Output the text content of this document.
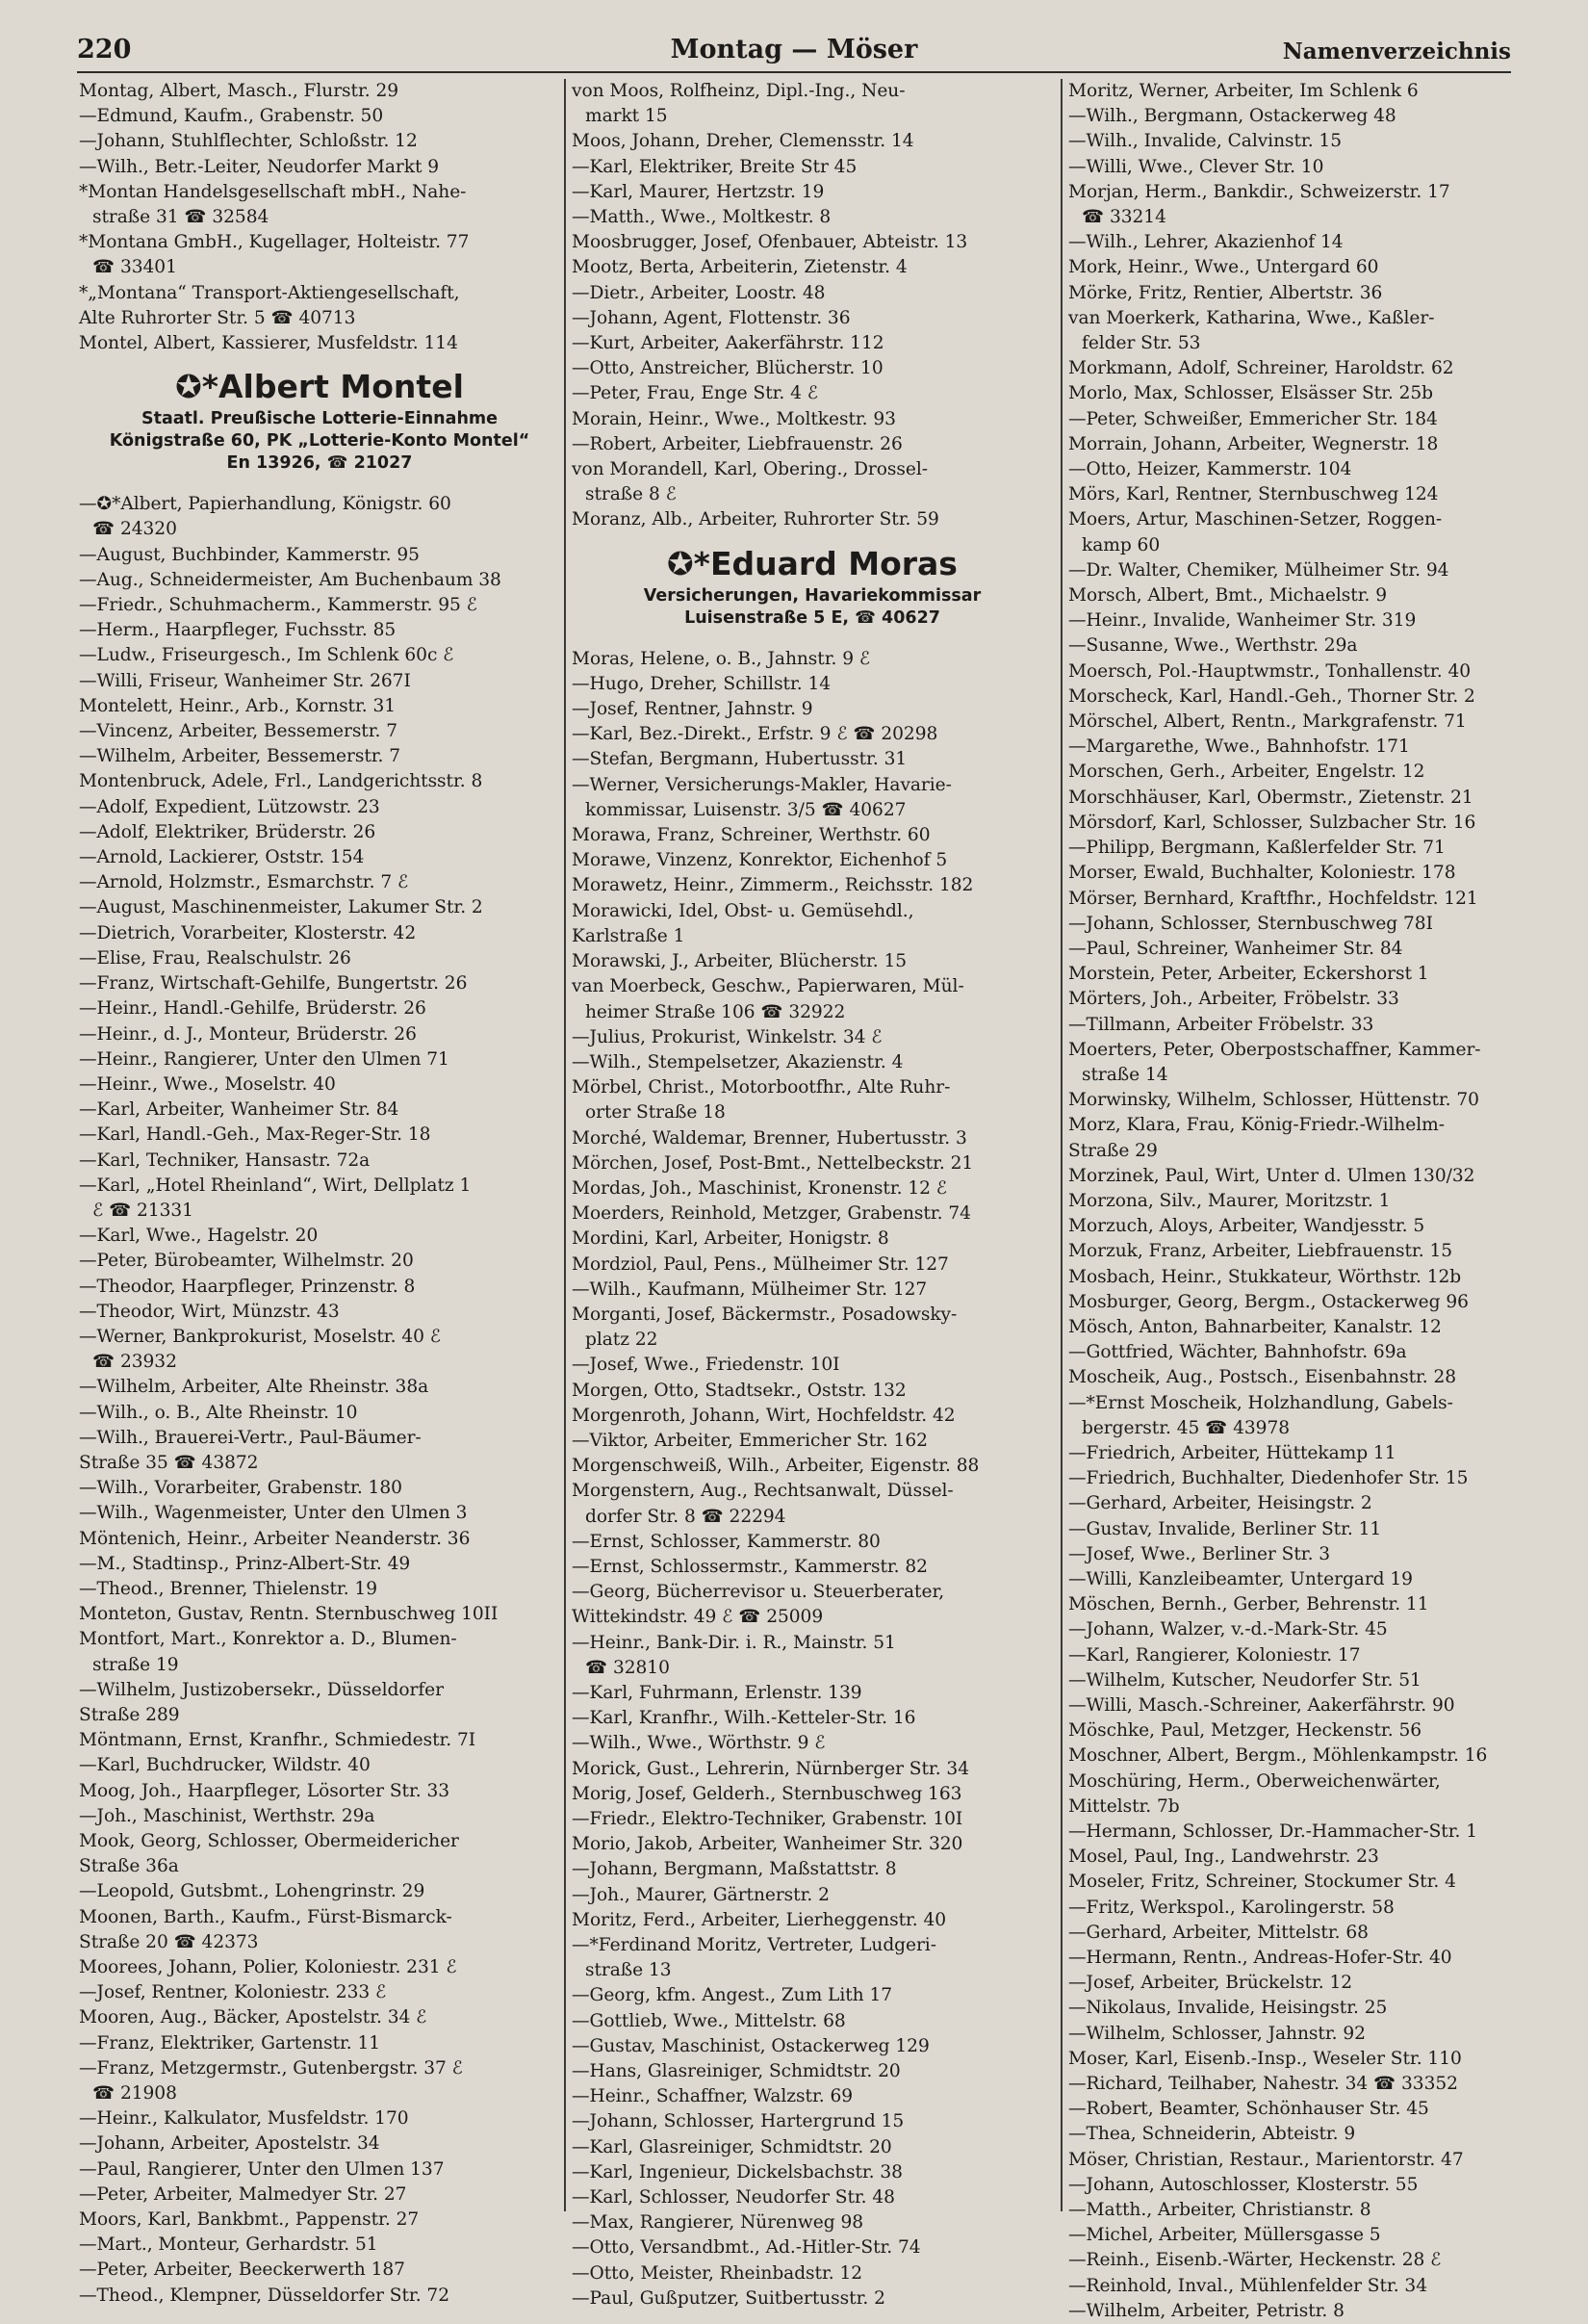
220	Montag — Möser	Namenverzeichnis
Montag, Albert, Masch., Flurstr. 29
—Edmund, Kaufm., Grabenstr. 50
—Johann, Stuhlflechter, Schloßstr. 12
—Wilh., Betr.-Leiter, Neudorfer Markt 9
*Montan Handelsgesellschaft mbH., Nahe-
straße 31 ☎ 32584
*Montana GmbH., Kugellager, Holteistr. 77
☎ 33401
*„Montana“ Transport-Aktiengesellschaft,
Alte Ruhrorter Str. 5 ☎ 40713
Montel, Albert, Kassierer, Musfeldstr. 114
✪*Albert Montel
Staatl. Preußische Lotterie-Einnahme
Königstraße 60, PK „Lotterie-Konto Montel“
En 13926, ☎ 21027
—✪*Albert, Papierhandlung, Königstr. 60
☎ 24320
—August, Buchbinder, Kammerstr. 95
—Aug., Schneidermeister, Am Buchenbaum 38
—Friedr., Schuhmacherm., Kammerstr. 95 ℰ
—Herm., Haarpfleger, Fuchsstr. 85
—Ludw., Friseurgesch., Im Schlenk 60c ℰ
—Willi, Friseur, Wanheimer Str. 267I
Montelett, Heinr., Arb., Kornstr. 31
—Vincenz, Arbeiter, Bessemerstr. 7
—Wilhelm, Arbeiter, Bessemerstr. 7
Montenbruck, Adele, Frl., Landgerichtsstr. 8
—Adolf, Expedient, Lützowstr. 23
—Adolf, Elektriker, Brüderstr. 26
—Arnold, Lackierer, Oststr. 154
—Arnold, Holzmstr., Esmarchstr. 7 ℰ
—August, Maschinenmeister, Lakumer Str. 2
—Dietrich, Vorarbeiter, Klosterstr. 42
—Elise, Frau, Realschulstr. 26
—Franz, Wirtschaft-Gehilfe, Bungertstr. 26
—Heinr., Handl.-Gehilfe, Brüderstr. 26
—Heinr., d. J., Monteur, Brüderstr. 26
—Heinr., Rangierer, Unter den Ulmen 71
—Heinr., Wwe., Moselstr. 40
—Karl, Arbeiter, Wanheimer Str. 84
—Karl, Handl.-Geh., Max-Reger-Str. 18
—Karl, Techniker, Hansastr. 72a
—Karl, „Hotel Rheinland“, Wirt, Dellplatz 1
ℰ ☎ 21331
—Karl, Wwe., Hagelstr. 20
—Peter, Bürobeamter, Wilhelmstr. 20
—Theodor, Haarpfleger, Prinzenstr. 8
—Theodor, Wirt, Münzstr. 43
—Werner, Bankprokurist, Moselstr. 40 ℰ
☎ 23932
—Wilhelm, Arbeiter, Alte Rheinstr. 38a
—Wilh., o. B., Alte Rheinstr. 10
—Wilh., Brauerei-Vertr., Paul-Bäumer-
Straße 35 ☎ 43872
—Wilh., Vorarbeiter, Grabenstr. 180
—Wilh., Wagenmeister, Unter den Ulmen 3
Möntenich, Heinr., Arbeiter Neanderstr. 36
—M., Stadtinsp., Prinz-Albert-Str. 49
—Theod., Brenner, Thielenstr. 19
Monteton, Gustav, Rentn. Sternbuschweg 10II
Montfort, Mart., Konrektor a. D., Blumen-
straße 19
—Wilhelm, Justizobersekr., Düsseldorfer
Straße 289
Möntmann, Ernst, Kranfhr., Schmiedestr. 7I
—Karl, Buchdrucker, Wildstr. 40
Moog, Joh., Haarpfleger, Lösorter Str. 33
—Joh., Maschinist, Werthstr. 29a
Mook, Georg, Schlosser, Obermeidericher
Straße 36a
—Leopold, Gutsbmt., Lohengrinstr. 29
Moonen, Barth., Kaufm., Fürst-Bismarck-
Straße 20 ☎ 42373
Moorees, Johann, Polier, Koloniestr. 231 ℰ
—Josef, Rentner, Koloniestr. 233 ℰ
Mooren, Aug., Bäcker, Apostelstr. 34 ℰ
—Franz, Elektriker, Gartenstr. 11
—Franz, Metzgermstr., Gutenbergstr. 37 ℰ
☎ 21908
—Heinr., Kalkulator, Musfeldstr. 170
—Johann, Arbeiter, Apostelstr. 34
—Paul, Rangierer, Unter den Ulmen 137
—Peter, Arbeiter, Malmedyer Str. 27
Moors, Karl, Bankbmt., Pappenstr. 27
—Mart., Monteur, Gerhardstr. 51
—Peter, Arbeiter, Beeckerwerth 187
—Theod., Klempner, Düsseldorfer Str. 72
von Moos, Rolfheinz, Dipl.-Ing., Neu-
markt 15
Moos, Johann, Dreher, Clemensstr. 14
—Karl, Elektriker, Breite Str 45
—Karl, Maurer, Hertzstr. 19
—Matth., Wwe., Moltkestr. 8
Moosbrugger, Josef, Ofenbauer, Abteistr. 13
Mootz, Berta, Arbeiterin, Zietenstr. 4
—Dietr., Arbeiter, Loostr. 48
—Johann, Agent, Flottenstr. 36
—Kurt, Arbeiter, Aakerfährstr. 112
—Otto, Anstreicher, Blücherstr. 10
—Peter, Frau, Enge Str. 4 ℰ
Morain, Heinr., Wwe., Moltkestr. 93
—Robert, Arbeiter, Liebfrauenstr. 26
von Morandell, Karl, Obering., Drossel-
straße 8 ℰ
Moranz, Alb., Arbeiter, Ruhrorter Str. 59
✪*Eduard Moras
Versicherungen, Havariekommissar
Luisenstraße 5 E, ☎ 40627
Moras, Helene, o. B., Jahnstr. 9 ℰ
—Hugo, Dreher, Schillstr. 14
—Josef, Rentner, Jahnstr. 9
—Karl, Bez.-Direkt., Erfstr. 9 ℰ ☎ 20298
—Stefan, Bergmann, Hubertusstr. 31
—Werner, Versicherungs-Makler, Havarie-
kommissar, Luisenstr. 3/5 ☎ 40627
Morawa, Franz, Schreiner, Werthstr. 60
Morawe, Vinzenz, Konrektor, Eichenhof 5
Morawetz, Heinr., Zimmerm., Reichsstr. 182
Morawicki, Idel, Obst- u. Gemüsehdl.,
Karlstraße 1
Morawski, J., Arbeiter, Blücherstr. 15
van Moerbeck, Geschw., Papierwaren, Mül-
heimer Straße 106 ☎ 32922
—Julius, Prokurist, Winkelstr. 34 ℰ
—Wilh., Stempelsetzer, Akazienstr. 4
Mörbel, Christ., Motorbootfhr., Alte Ruhr-
orter Straße 18
Morché, Waldemar, Brenner, Hubertusstr. 3
Mörchen, Josef, Post-Bmt., Nettelbeckstr. 21
Mordas, Joh., Maschinist, Kronenstr. 12 ℰ
Moerders, Reinhold, Metzger, Grabenstr. 74
Mordini, Karl, Arbeiter, Honigstr. 8
Mordziol, Paul, Pens., Mülheimer Str. 127
—Wilh., Kaufmann, Mülheimer Str. 127
Morganti, Josef, Bäckermstr., Posadowsky-
platz 22
—Josef, Wwe., Friedenstr. 10I
Morgen, Otto, Stadtsekr., Oststr. 132
Morgenroth, Johann, Wirt, Hochfeldstr. 42
—Viktor, Arbeiter, Emmericher Str. 162
Morgenschweiß, Wilh., Arbeiter, Eigenstr. 88
Morgenstern, Aug., Rechtsanwalt, Düssel-
dorfer Str. 8 ☎ 22294
—Ernst, Schlosser, Kammerstr. 80
—Ernst, Schlossermstr., Kammerstr. 82
—Georg, Bücherrevisor u. Steuerberater,
Wittekindstr. 49 ℰ ☎ 25009
—Heinr., Bank-Dir. i. R., Mainstr. 51
☎ 32810
—Karl, Fuhrmann, Erlenstr. 139
—Karl, Kranfhr., Wilh.-Ketteler-Str. 16
—Wilh., Wwe., Wörthstr. 9 ℰ
Morick, Gust., Lehrerin, Nürnberger Str. 34
Morig, Josef, Gelderh., Sternbuschweg 163
—Friedr., Elektro-Techniker, Grabenstr. 10I
Morio, Jakob, Arbeiter, Wanheimer Str. 320
—Johann, Bergmann, Maßstattstr. 8
—Joh., Maurer, Gärtnerstr. 2
Moritz, Ferd., Arbeiter, Lierheggenstr. 40
—*Ferdinand Moritz, Vertreter, Ludgeri-
straße 13
—Georg, kfm. Angest., Zum Lith 17
—Gottlieb, Wwe., Mittelstr. 68
—Gustav, Maschinist, Ostackerweg 129
—Hans, Glasreiniger, Schmidtstr. 20
—Heinr., Schaffner, Walzstr. 69
—Johann, Schlosser, Hartergrund 15
—Karl, Glasreiniger, Schmidtstr. 20
—Karl, Ingenieur, Dickelsbachstr. 38
—Karl, Schlosser, Neudorfer Str. 48
—Max, Rangierer, Nürenweg 98
—Otto, Versandbmt., Ad.-Hitler-Str. 74
—Otto, Meister, Rheinbadstr. 12
—Paul, Gußputzer, Suitbertusstr. 2
Moritz, Werner, Arbeiter, Im Schlenk 6
—Wilh., Bergmann, Ostackerweg 48
—Wilh., Invalide, Calvinstr. 15
—Willi, Wwe., Clever Str. 10
Morjan, Herm., Bankdir., Schweizerstr. 17
☎ 33214
—Wilh., Lehrer, Akazienhof 14
Mork, Heinr., Wwe., Untergard 60
Mörke, Fritz, Rentier, Albertstr. 36
van Moerkerk, Katharina, Wwe., Kaßler-
felder Str. 53
Morkmann, Adolf, Schreiner, Haroldstr. 62
Morlo, Max, Schlosser, Elsässer Str. 25b
—Peter, Schweißer, Emmericher Str. 184
Morrain, Johann, Arbeiter, Wegnerstr. 18
—Otto, Heizer, Kammerstr. 104
Mörs, Karl, Rentner, Sternbuschweg 124
Moers, Artur, Maschinen-Setzer, Roggen-
kamp 60
—Dr. Walter, Chemiker, Mülheimer Str. 94
Morsch, Albert, Bmt., Michaelstr. 9
—Heinr., Invalide, Wanheimer Str. 319
—Susanne, Wwe., Werthstr. 29a
Moersch, Pol.-Hauptwmstr., Tonhallenstr. 40
Morscheck, Karl, Handl.-Geh., Thorner Str. 2
Mörschel, Albert, Rentn., Markgrafenstr. 71
—Margarethe, Wwe., Bahnhofstr. 171
Morschen, Gerh., Arbeiter, Engelstr. 12
Morschhäuser, Karl, Obermstr., Zietenstr. 21
Mörsdorf, Karl, Schlosser, Sulzbacher Str. 16
—Philipp, Bergmann, Kaßlerfelder Str. 71
Morser, Ewald, Buchhalter, Koloniestr. 178
Mörser, Bernhard, Kraftfhr., Hochfeldstr. 121
—Johann, Schlosser, Sternbuschweg 78I
—Paul, Schreiner, Wanheimer Str. 84
Morstein, Peter, Arbeiter, Eckershorst 1
Mörters, Joh., Arbeiter, Fröbelstr. 33
—Tillmann, Arbeiter Fröbelstr. 33
Moerters, Peter, Oberpostschaffner, Kammer-
straße 14
Morwinsky, Wilhelm, Schlosser, Hüttenstr. 70
Morz, Klara, Frau, König-Friedr.-Wilhelm-
Straße 29
Morzinek, Paul, Wirt, Unter d. Ulmen 130/32
Morzona, Silv., Maurer, Moritzstr. 1
Morzuch, Aloys, Arbeiter, Wandjesstr. 5
Morzuk, Franz, Arbeiter, Liebfrauenstr. 15
Mosbach, Heinr., Stukkateur, Wörthstr. 12b
Mosburger, Georg, Bergm., Ostackerweg 96
Mösch, Anton, Bahnarbeiter, Kanalstr. 12
—Gottfried, Wächter, Bahnhofstr. 69a
Moscheik, Aug., Postsch., Eisenbahnstr. 28
—*Ernst Moscheik, Holzhandlung, Gabels-
bergerstr. 45 ☎ 43978
—Friedrich, Arbeiter, Hüttekamp 11
—Friedrich, Buchhalter, Diedenhofer Str. 15
—Gerhard, Arbeiter, Heisingstr. 2
—Gustav, Invalide, Berliner Str. 11
—Josef, Wwe., Berliner Str. 3
—Willi, Kanzleibeamter, Untergard 19
Möschen, Bernh., Gerber, Behrenstr. 11
—Johann, Walzer, v.-d.-Mark-Str. 45
—Karl, Rangierer, Koloniestr. 17
—Wilhelm, Kutscher, Neudorfer Str. 51
—Willi, Masch.-Schreiner, Aakerfährstr. 90
Möschke, Paul, Metzger, Heckenstr. 56
Moschner, Albert, Bergm., Möhlenkampstr. 16
Moschüring, Herm., Oberweichenwärter,
Mittelstr. 7b
—Hermann, Schlosser, Dr.-Hammacher-Str. 1
Mosel, Paul, Ing., Landwehrstr. 23
Moseler, Fritz, Schreiner, Stockumer Str. 4
—Fritz, Werkspol., Karolingerstr. 58
—Gerhard, Arbeiter, Mittelstr. 68
—Hermann, Rentn., Andreas-Hofer-Str. 40
—Josef, Arbeiter, Brückelstr. 12
—Nikolaus, Invalide, Heisingstr. 25
—Wilhelm, Schlosser, Jahnstr. 92
Moser, Karl, Eisenb.-Insp., Weseler Str. 110
—Richard, Teilhaber, Nahestr. 34 ☎ 33352
—Robert, Beamter, Schönhauser Str. 45
—Thea, Schneiderin, Abteistr. 9
Möser, Christian, Restaur., Marientorstr. 47
—Johann, Autoschlosser, Klosterstr. 55
—Matth., Arbeiter, Christianstr. 8
—Michel, Arbeiter, Müllersgasse 5
—Reinh., Eisenb.-Wärter, Heckenstr. 28 ℰ
—Reinhold, Inval., Mühlenfelder Str. 34
—Wilhelm, Arbeiter, Petristr. 8
